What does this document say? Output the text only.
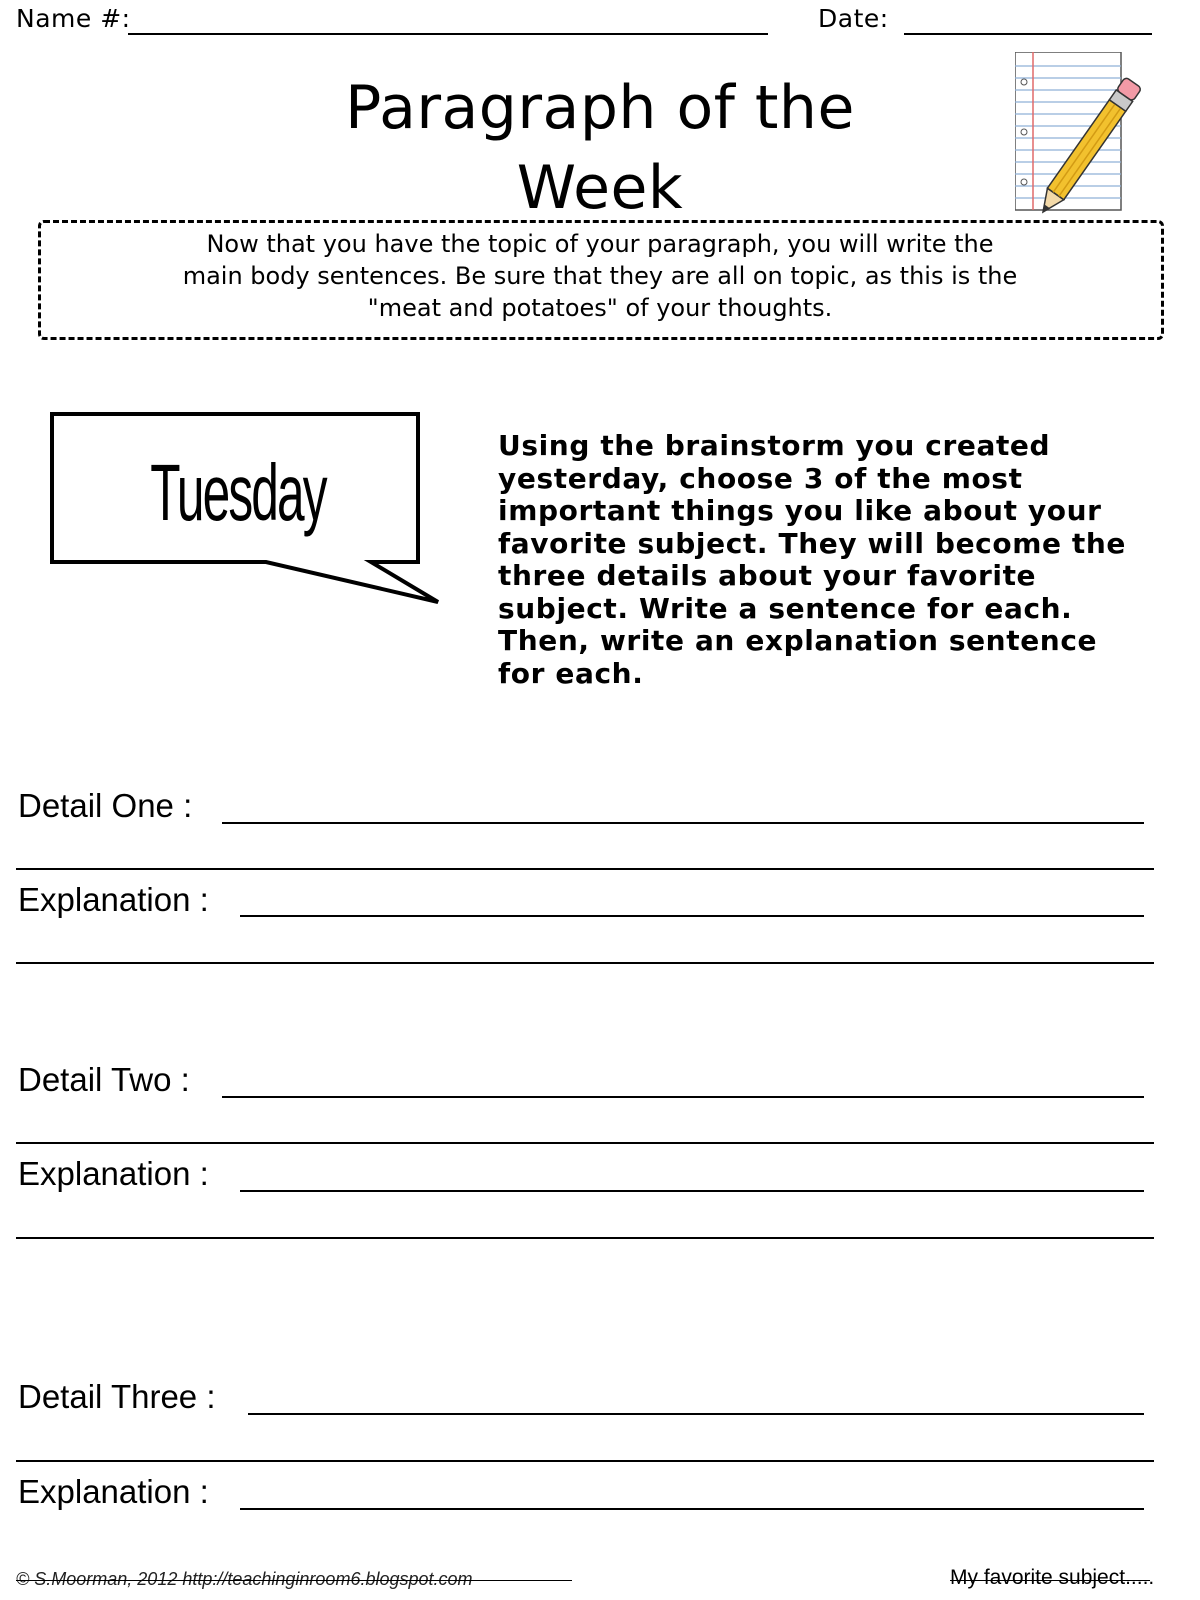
Name #:	Date:
Paragraph of the Week
Now that you have the topic of your paragraph, you will write the
main body sentences. Be sure that they are all on topic, as this is the
"meat and potatoes" of your thoughts.
Tuesday
Using the brainstorm you created
yesterday, choose 3 of the most
important things you like about your
favorite subject. They will become the
three details about your favorite
subject. Write a sentence for each.
Then, write an explanation sentence
for each.
Detail One :
Explanation :
Detail Two :
Explanation :
Detail Three :
Explanation :
© S.Moorman, 2012 http://teachinginroom6.blogspot.com	My favorite subject.....
